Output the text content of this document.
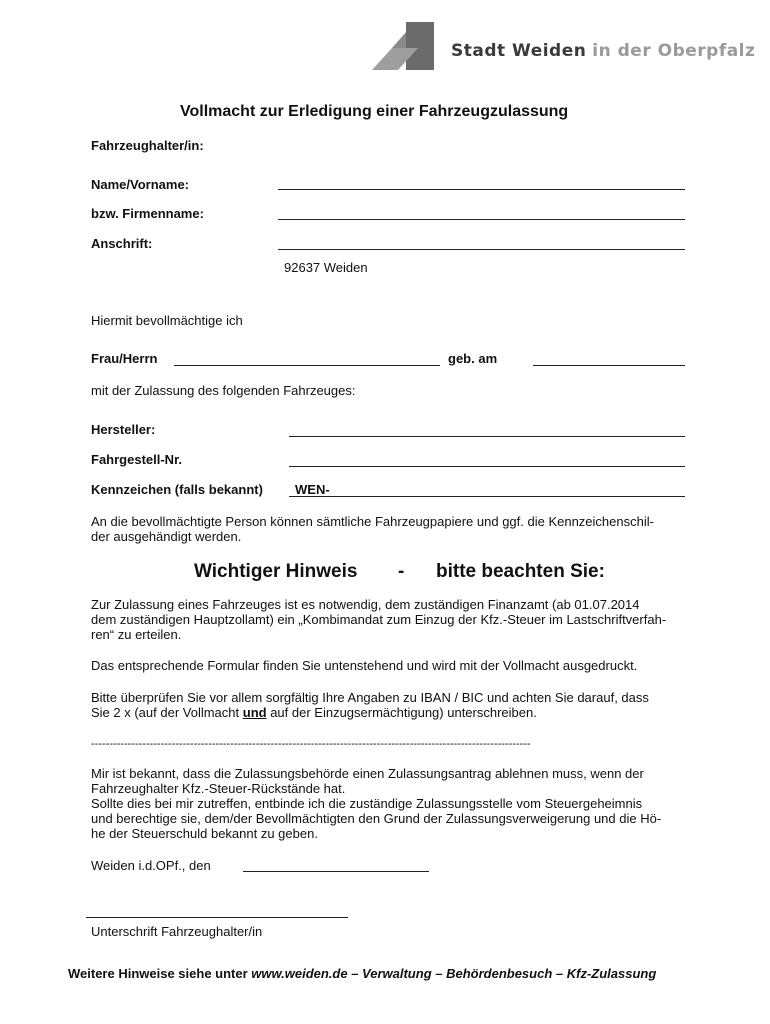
Stadt Weiden in der Oberpfalz
Vollmacht zur Erledigung einer Fahrzeugzulassung
Fahrzeughalter/in:
Name/Vorname:
bzw. Firmenname:
Anschrift:
92637 Weiden
Hiermit bevollmächtige ich
Frau/Herrn	geb. am
mit der Zulassung des folgenden Fahrzeuges:
Hersteller:
Fahrgestell-Nr.
Kennzeichen (falls bekannt) WEN-
An die bevollmächtigte Person können sämtliche Fahrzeugpapiere und ggf. die Kennzeichenschil-
der ausgehändigt werden.
Wichtiger Hinweis - bitte beachten Sie:
Zur Zulassung eines Fahrzeuges ist es notwendig, dem zuständigen Finanzamt (ab 01.07.2014
dem zuständigen Hauptzollamt) ein „Kombimandat zum Einzug der Kfz.-Steuer im Lastschriftverfah-
ren“ zu erteilen.
Das entsprechende Formular finden Sie untenstehend und wird mit der Vollmacht ausgedruckt.
Bitte überprüfen Sie vor allem sorgfältig Ihre Angaben zu IBAN / BIC und achten Sie darauf, dass
Sie 2 x (auf der Vollmacht und auf der Einzugsermächtigung) unterschreiben.
------------------------------------------------------------------------------------------------------------------------
Mir ist bekannt, dass die Zulassungsbehörde einen Zulassungsantrag ablehnen muss, wenn der
Fahrzeughalter Kfz.-Steuer-Rückstände hat.
Sollte dies bei mir zutreffen, entbinde ich die zuständige Zulassungsstelle vom Steuergeheimnis
und berechtige sie, dem/der Bevollmächtigten den Grund der Zulassungsverweigerung und die Hö-
he der Steuerschuld bekannt zu geben.
Weiden i.d.OPf., den
Unterschrift Fahrzeughalter/in
Weitere Hinweise siehe unter www.weiden.de – Verwaltung – Behördenbesuch – Kfz-Zulassung
